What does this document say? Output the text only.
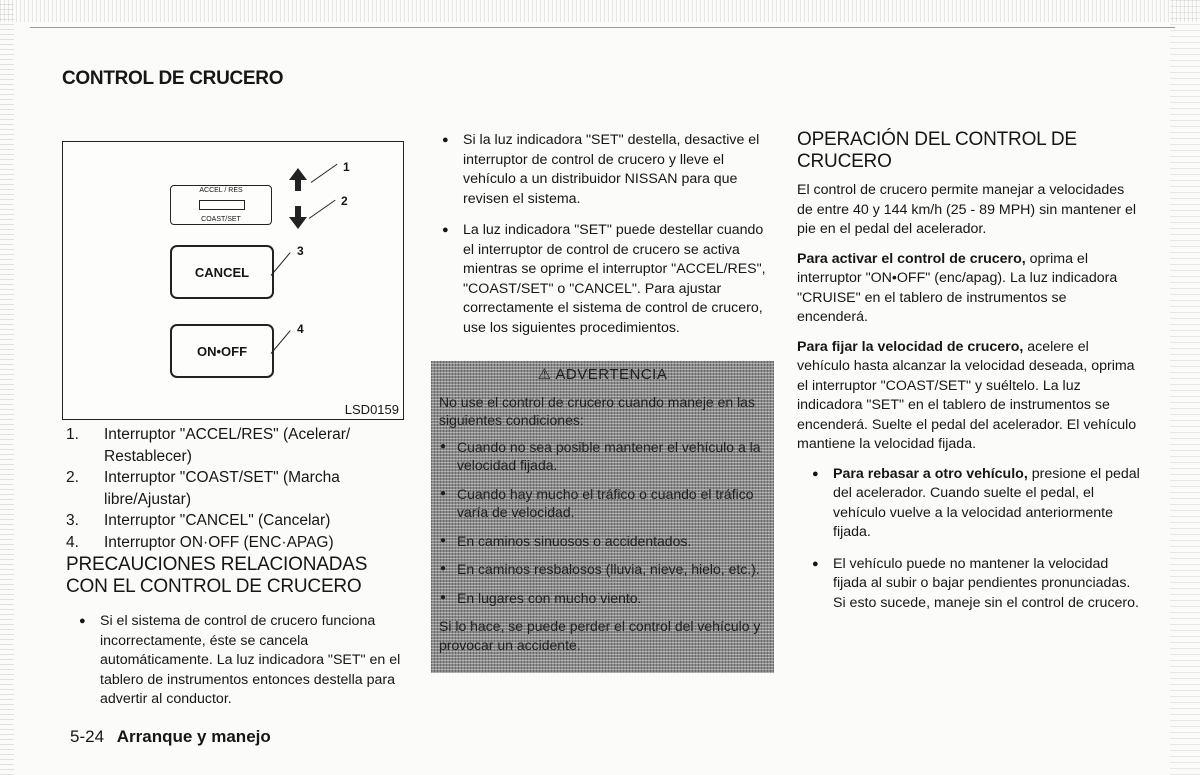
CONTROL DE CRUCERO
ACCEL / RES
COAST/SET
CANCEL
ON•OFF
1
2
3
4
LSD0159
1.	Interruptor "ACCEL/RES" (Acelerar/ Restablecer)
2.	Interruptor "COAST/SET" (Marcha libre/Ajustar)
3.	Interruptor "CANCEL" (Cancelar)
4.	Interruptor ON·OFF (ENC·APAG)
PRECAUCIONES RELACIONADAS CON EL CONTROL DE CRUCERO
● Si el sistema de control de crucero funciona incorrectamente, éste se cancela automáticamente. La luz indicadora "SET" en el tablero de instrumentos entonces destella para advertir al conductor.
● Si la luz indicadora "SET" destella, desactive el interruptor de control de crucero y lleve el vehículo a un distribuidor NISSAN para que revisen el sistema.
● La luz indicadora "SET" puede destellar cuando el interruptor de control de crucero se activa mientras se oprime el interruptor "ACCEL/RES", "COAST/SET" o "CANCEL". Para ajustar correctamente el sistema de control de crucero, use los siguientes procedimientos.
⚠ ADVERTENCIA

No use el control de crucero cuando maneje en las siguientes condiciones:

● Cuando no sea posible mantener el vehículo a la velocidad fijada.
● Cuando hay mucho el tráfico o cuando el tráfico varía de velocidad.
● En caminos sinuosos o accidentados.
● En caminos resbalosos (lluvia, nieve, hielo, etc.).
● En lugares con mucho viento.

Si lo hace, se puede perder el control del vehículo y provocar un accidente.

OPERACIÓN DEL CONTROL DE CRUCERO

El control de crucero permite manejar a velocidades de entre 40 y 144 km/h (25 - 89 MPH) sin mantener el pie en el pedal del acelerador.

Para activar el control de crucero, oprima el interruptor "ON•OFF" (enc/apag). La luz indicadora "CRUISE" en el tablero de instrumentos se encenderá.

Para fijar la velocidad de crucero, acelere el vehículo hasta alcanzar la velocidad deseada, oprima el interruptor "COAST/SET" y suéltelo. La luz indicadora "SET" en el tablero de instrumentos se encenderá. Suelte el pedal del acelerador. El vehículo mantiene la velocidad fijada.

● Para rebasar a otro vehículo, presione el pedal del acelerador. Cuando suelte el pedal, el vehículo vuelve a la velocidad anteriormente fijada.
● El vehículo puede no mantener la velocidad fijada al subir o bajar pendientes pronunciadas. Si esto sucede, maneje sin el control de crucero.
5-24 Arranque y manejo
